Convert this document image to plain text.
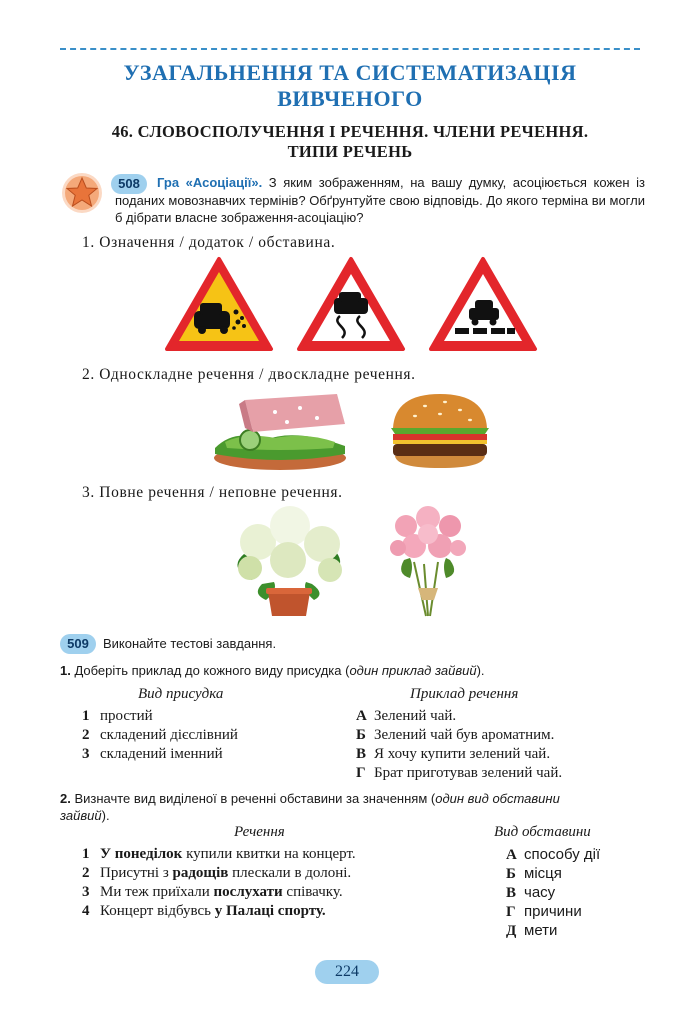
УЗАГАЛЬНЕННЯ ТА СИСТЕМАТИЗАЦІЯ
ВИВЧЕНОГО
46. СЛОВОСПОЛУЧЕННЯ І РЕЧЕННЯ. ЧЛЕНИ РЕЧЕННЯ.
ТИПИ РЕЧЕНЬ
508	Гра «Асоціації». З яким зображенням, на вашу думку, асоціюється кожен із поданих мовознавчих термінів? Обґрунтуйте свою відповідь. До якого терміна ви могли б дібрати власне зображення-асоціацію?
1. Означення / додаток / обставина.
2. Односкладне речення / двоскладне речення.
3. Повне речення / неповне речення.
509	Виконайте тестові завдання.
1. Доберіть приклад до кожного виду присудка (один приклад зайвий).
Вид присудка	Приклад речення
1 простий
2 складений дієслівний
3 складений іменний
А Зелений чай.
Б Зелений чай був ароматним.
В Я хочу купити зелений чай.
Г Брат приготував зелений чай.
2. Визначте вид виділеної в реченні обставини за значенням (один вид обставини
зайвий).
Речення	Вид обставини
1 У понеділок купили квитки на концерт.
2 Присутні з радощів плескали в долоні.
3 Ми теж приїхали послухати співачку.
4 Концерт відбувсь у Палаці спорту.
А способу дії
Б місця
В часу
Г причини
Д мети
224
